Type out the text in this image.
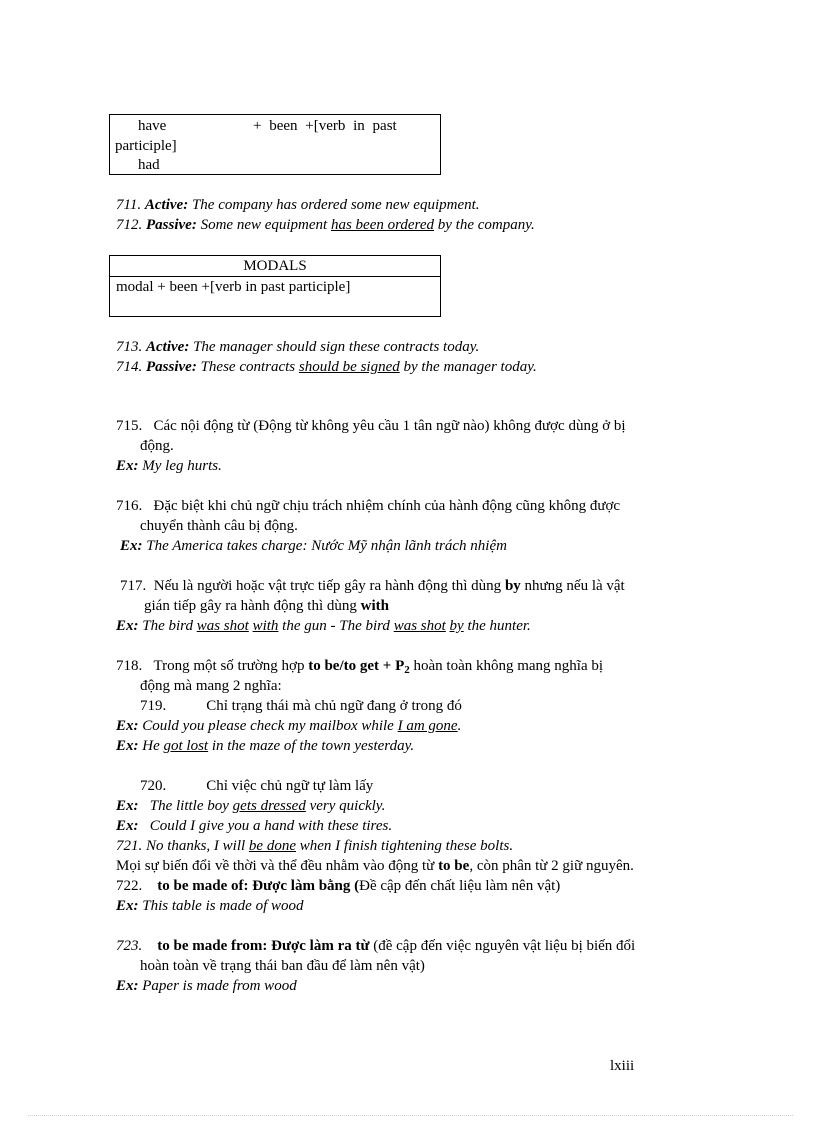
have	+ been +[verb in past
participle]
had
711. Active: The company has ordered some new equipment.
712. Passive: Some new equipment has been ordered by the company.
MODALS
modal + been +[verb in past participle]
713. Active: The manager should sign these contracts today.
714. Passive: These contracts should be signed by the manager today.
715. Các nội động từ (Động từ không yêu cầu 1 tân ngữ nào) không được dùng ở bị
động.
Ex: My leg hurts.
716. Đặc biệt khi chủ ngữ chịu trách nhiệm chính của hành động cũng không được
chuyển thành câu bị động.
Ex: The America takes charge: Nước Mỹ nhận lãnh trách nhiệm
717. Nếu là người hoặc vật trực tiếp gây ra hành động thì dùng by nhưng nếu là vật
gián tiếp gây ra hành động thì dùng with
Ex: The bird was shot with the gun - The bird was shot by the hunter.
718. Trong một số trường hợp to be/to get + $P_2$ hoàn toàn không mang nghĩa bị
động mà mang 2 nghĩa:
719.	Chỉ trạng thái mà chủ ngữ đang ở trong đó
Ex: Could you please check my mailbox while I am gone.
Ex: He got lost in the maze of the town yesterday.
720.	Chỉ việc chủ ngữ tự làm lấy
Ex: The little boy gets dressed very quickly.
Ex: Could I give you a hand with these tires.
721. No thanks, I will be done when I finish tightening these bolts.
Mọi sự biến đổi về thời và thể đều nhằm vào động từ to be, còn phân từ 2 giữ nguyên.
722. to be made of: Được làm bằng (Đề cập đến chất liệu làm nên vật)
Ex: This table is made of wood
723. to be made from: Được làm ra từ (đề cập đến việc nguyên vật liệu bị biến đổi
hoàn toàn về trạng thái ban đầu để làm nên vật)
Ex: Paper is made from wood
lxiii
